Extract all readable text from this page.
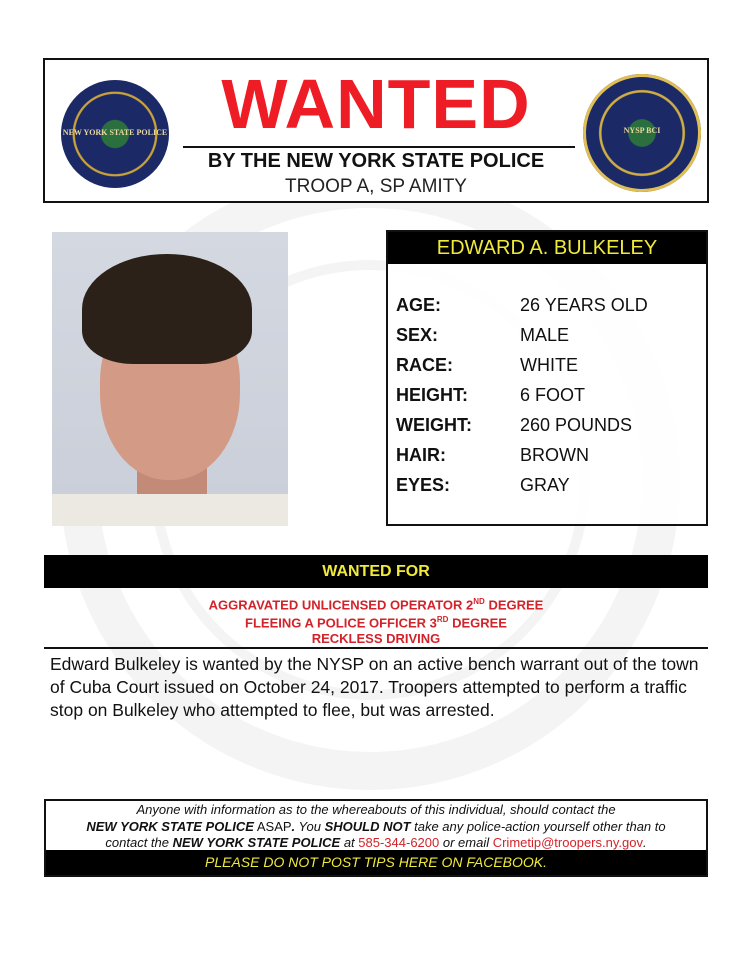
NEW YORK STATE POLICE WANTED
BY THE NEW YORK STATE POLICE
TROOP A, SP AMITY
NYSP BCI
EDWARD A. BULKELEY
AGE:	26 YEARS OLD
SEX:	MALE
RACE:	WHITE
HEIGHT:	6 FOOT
WEIGHT:	260 POUNDS
HAIR:	BROWN
EYES:	GRAY
WANTED FOR
AGGRAVATED UNLICENSED OPERATOR 2ND DEGREE
FLEEING A POLICE OFFICER 3RD DEGREE
RECKLESS DRIVING
Edward Bulkeley is wanted by the NYSP on an active bench warrant out of the town of Cuba Court issued on October 24, 2017. Troopers attempted to perform a traffic stop on Bulkeley who attempted to flee, but was arrested.
Anyone with information as to the whereabouts of this individual, should contact the
NEW YORK STATE POLICE ASAP. You SHOULD NOT take any police-action yourself other than to
contact the NEW YORK STATE POLICE at 585-344-6200 or email Crimetip@troopers.ny.gov.
PLEASE DO NOT POST TIPS HERE ON FACEBOOK.
